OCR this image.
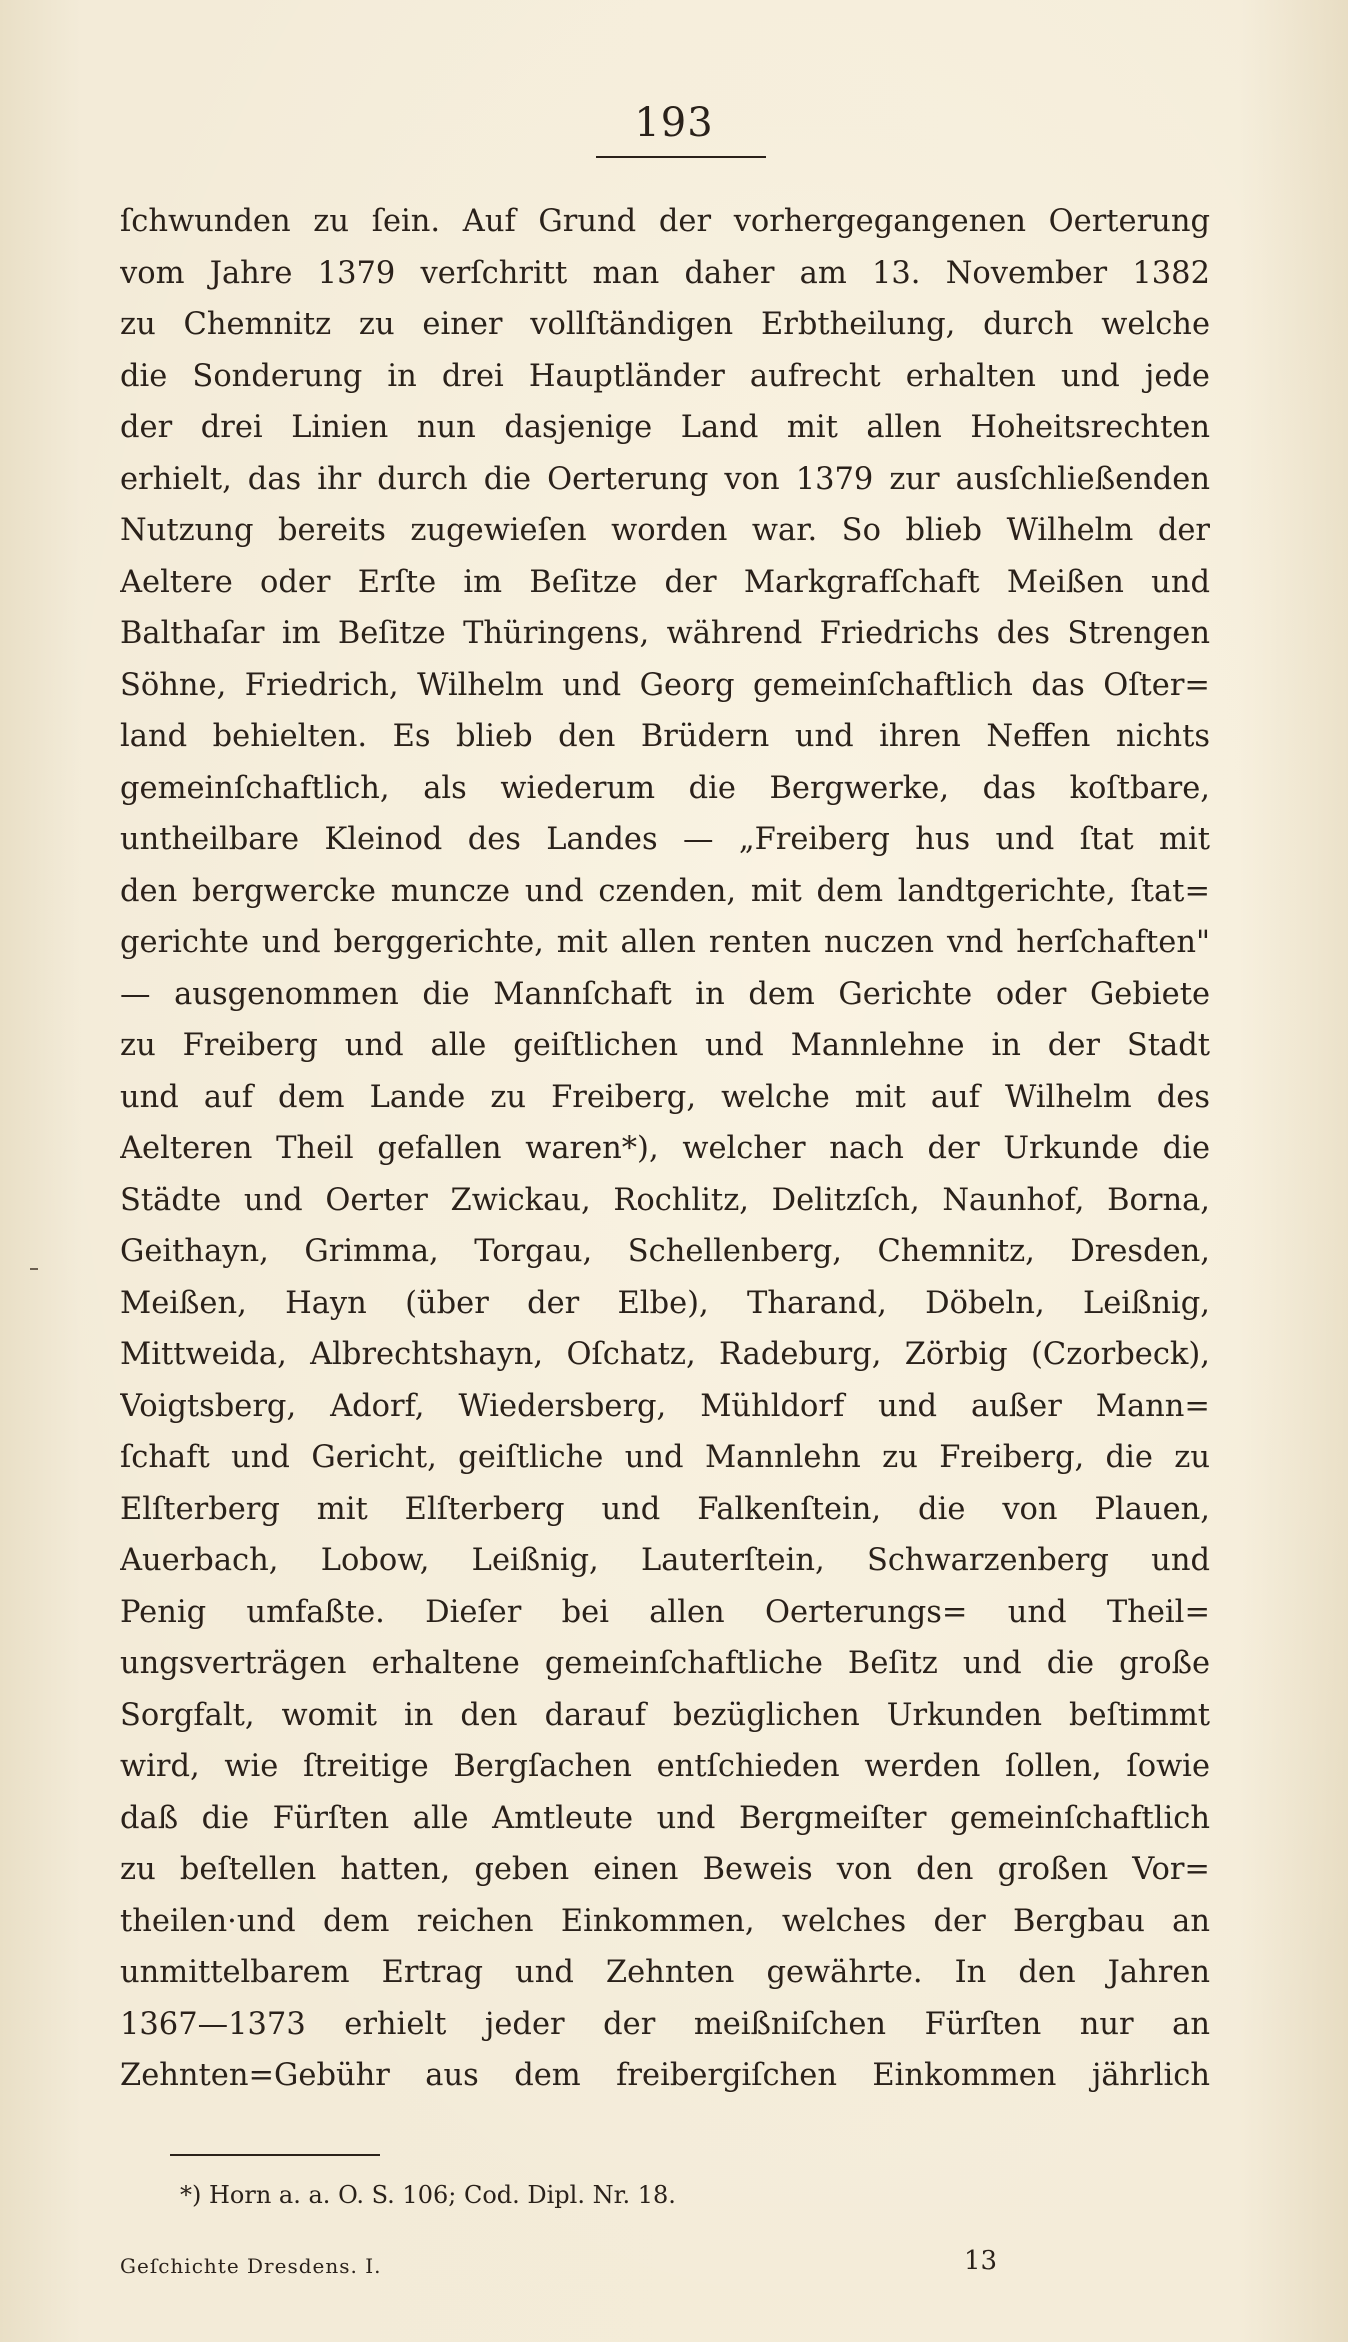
193
ſchwunden zu ſein. Auf Grund der vorhergegangenen Oerterung
vom Jahre 1379 verſchritt man daher am 13. November 1382
zu Chemnitz zu einer vollſtändigen Erbtheilung, durch welche
die Sonderung in drei Hauptländer aufrecht erhalten und jede
der drei Linien nun dasjenige Land mit allen Hoheitsrechten
erhielt, das ihr durch die Oerterung von 1379 zur ausſchließenden
Nutzung bereits zugewieſen worden war. So blieb Wilhelm der
Aeltere oder Erſte im Beſitze der Markgrafſchaft Meißen und
Balthaſar im Beſitze Thüringens, während Friedrichs des Strengen
Söhne, Friedrich, Wilhelm und Georg gemeinſchaftlich das Oſter=
land behielten. Es blieb den Brüdern und ihren Neffen nichts
gemeinſchaftlich, als wiederum die Bergwerke, das koſtbare,
untheilbare Kleinod des Landes — „Freiberg hus und ſtat mit
den bergwercke muncze und czenden, mit dem landtgerichte, ſtat=
gerichte und berggerichte, mit allen renten nuczen vnd herſchaften"
— ausgenommen die Mannſchaft in dem Gerichte oder Gebiete
zu Freiberg und alle geiſtlichen und Mannlehne in der Stadt
und auf dem Lande zu Freiberg, welche mit auf Wilhelm des
Aelteren Theil gefallen waren*), welcher nach der Urkunde die
Städte und Oerter Zwickau, Rochlitz, Delitzſch, Naunhof, Borna,
Geithayn, Grimma, Torgau, Schellenberg, Chemnitz, Dresden,
Meißen, Hayn (über der Elbe), Tharand, Döbeln, Leißnig,
Mittweida, Albrechtshayn, Oſchatz, Radeburg, Zörbig (Czorbeck),
Voigtsberg, Adorf, Wiedersberg, Mühldorf und außer Mann=
ſchaft und Gericht, geiſtliche und Mannlehn zu Freiberg, die zu
Elſterberg mit Elſterberg und Falkenſtein, die von Plauen,
Auerbach, Lobow, Leißnig, Lauterſtein, Schwarzenberg und
Penig umfaßte. Dieſer bei allen Oerterungs= und Theil=
ungsverträgen erhaltene gemeinſchaftliche Beſitz und die große
Sorgfalt, womit in den darauf bezüglichen Urkunden beſtimmt
wird, wie ſtreitige Bergſachen entſchieden werden ſollen, ſowie
daß die Fürſten alle Amtleute und Bergmeiſter gemeinſchaftlich
zu beſtellen hatten, geben einen Beweis von den großen Vor=
theilen·und dem reichen Einkommen, welches der Bergbau an
unmittelbarem Ertrag und Zehnten gewährte. In den Jahren
1367—1373 erhielt jeder der meißniſchen Fürſten nur an
Zehnten=Gebühr aus dem freibergiſchen Einkommen jährlich
*) Horn a. a. O. S. 106; Cod. Dipl. Nr. 18.
Geſchichte Dresdens. I.	13
